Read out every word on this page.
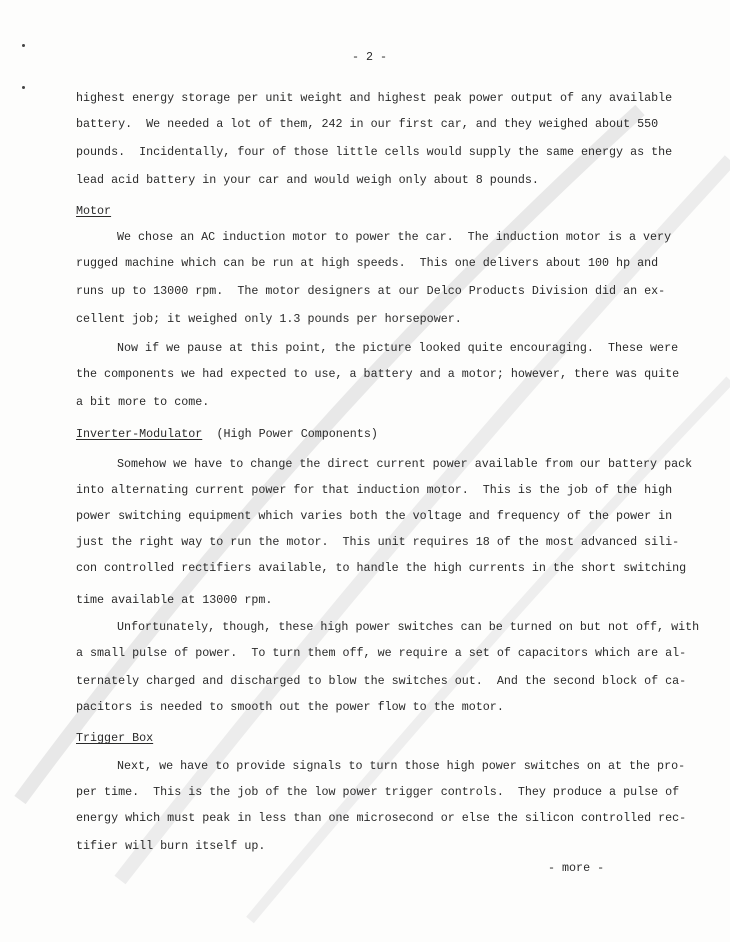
- 2 -
highest energy storage per unit weight and highest peak power output of any available
battery.  We needed a lot of them, 242 in our first car, and they weighed about 550
pounds.  Incidentally, four of those little cells would supply the same energy as the
lead acid battery in your car and would weigh only about 8 pounds.
Motor
We chose an AC induction motor to power the car.  The induction motor is a very
rugged machine which can be run at high speeds.  This one delivers about 100 hp and
runs up to 13000 rpm.  The motor designers at our Delco Products Division did an ex-
cellent job; it weighed only 1.3 pounds per horsepower.
Now if we pause at this point, the picture looked quite encouraging.  These were
the components we had expected to use, a battery and a motor; however, there was quite
a bit more to come.
Inverter-Modulator (High Power Components)
Somehow we have to change the direct current power available from our battery pack
into alternating current power for that induction motor.  This is the job of the high
power switching equipment which varies both the voltage and frequency of the power in
just the right way to run the motor.  This unit requires 18 of the most advanced sili-
con controlled rectifiers available, to handle the high currents in the short switching
time available at 13000 rpm.
Unfortunately, though, these high power switches can be turned on but not off, with
a small pulse of power.  To turn them off, we require a set of capacitors which are al-
ternately charged and discharged to blow the switches out.  And the second block of ca-
pacitors is needed to smooth out the power flow to the motor.
Trigger Box
Next, we have to provide signals to turn those high power switches on at the pro-
per time.  This is the job of the low power trigger controls.  They produce a pulse of
energy which must peak in less than one microsecond or else the silicon controlled rec-
tifier will burn itself up.
- more -
